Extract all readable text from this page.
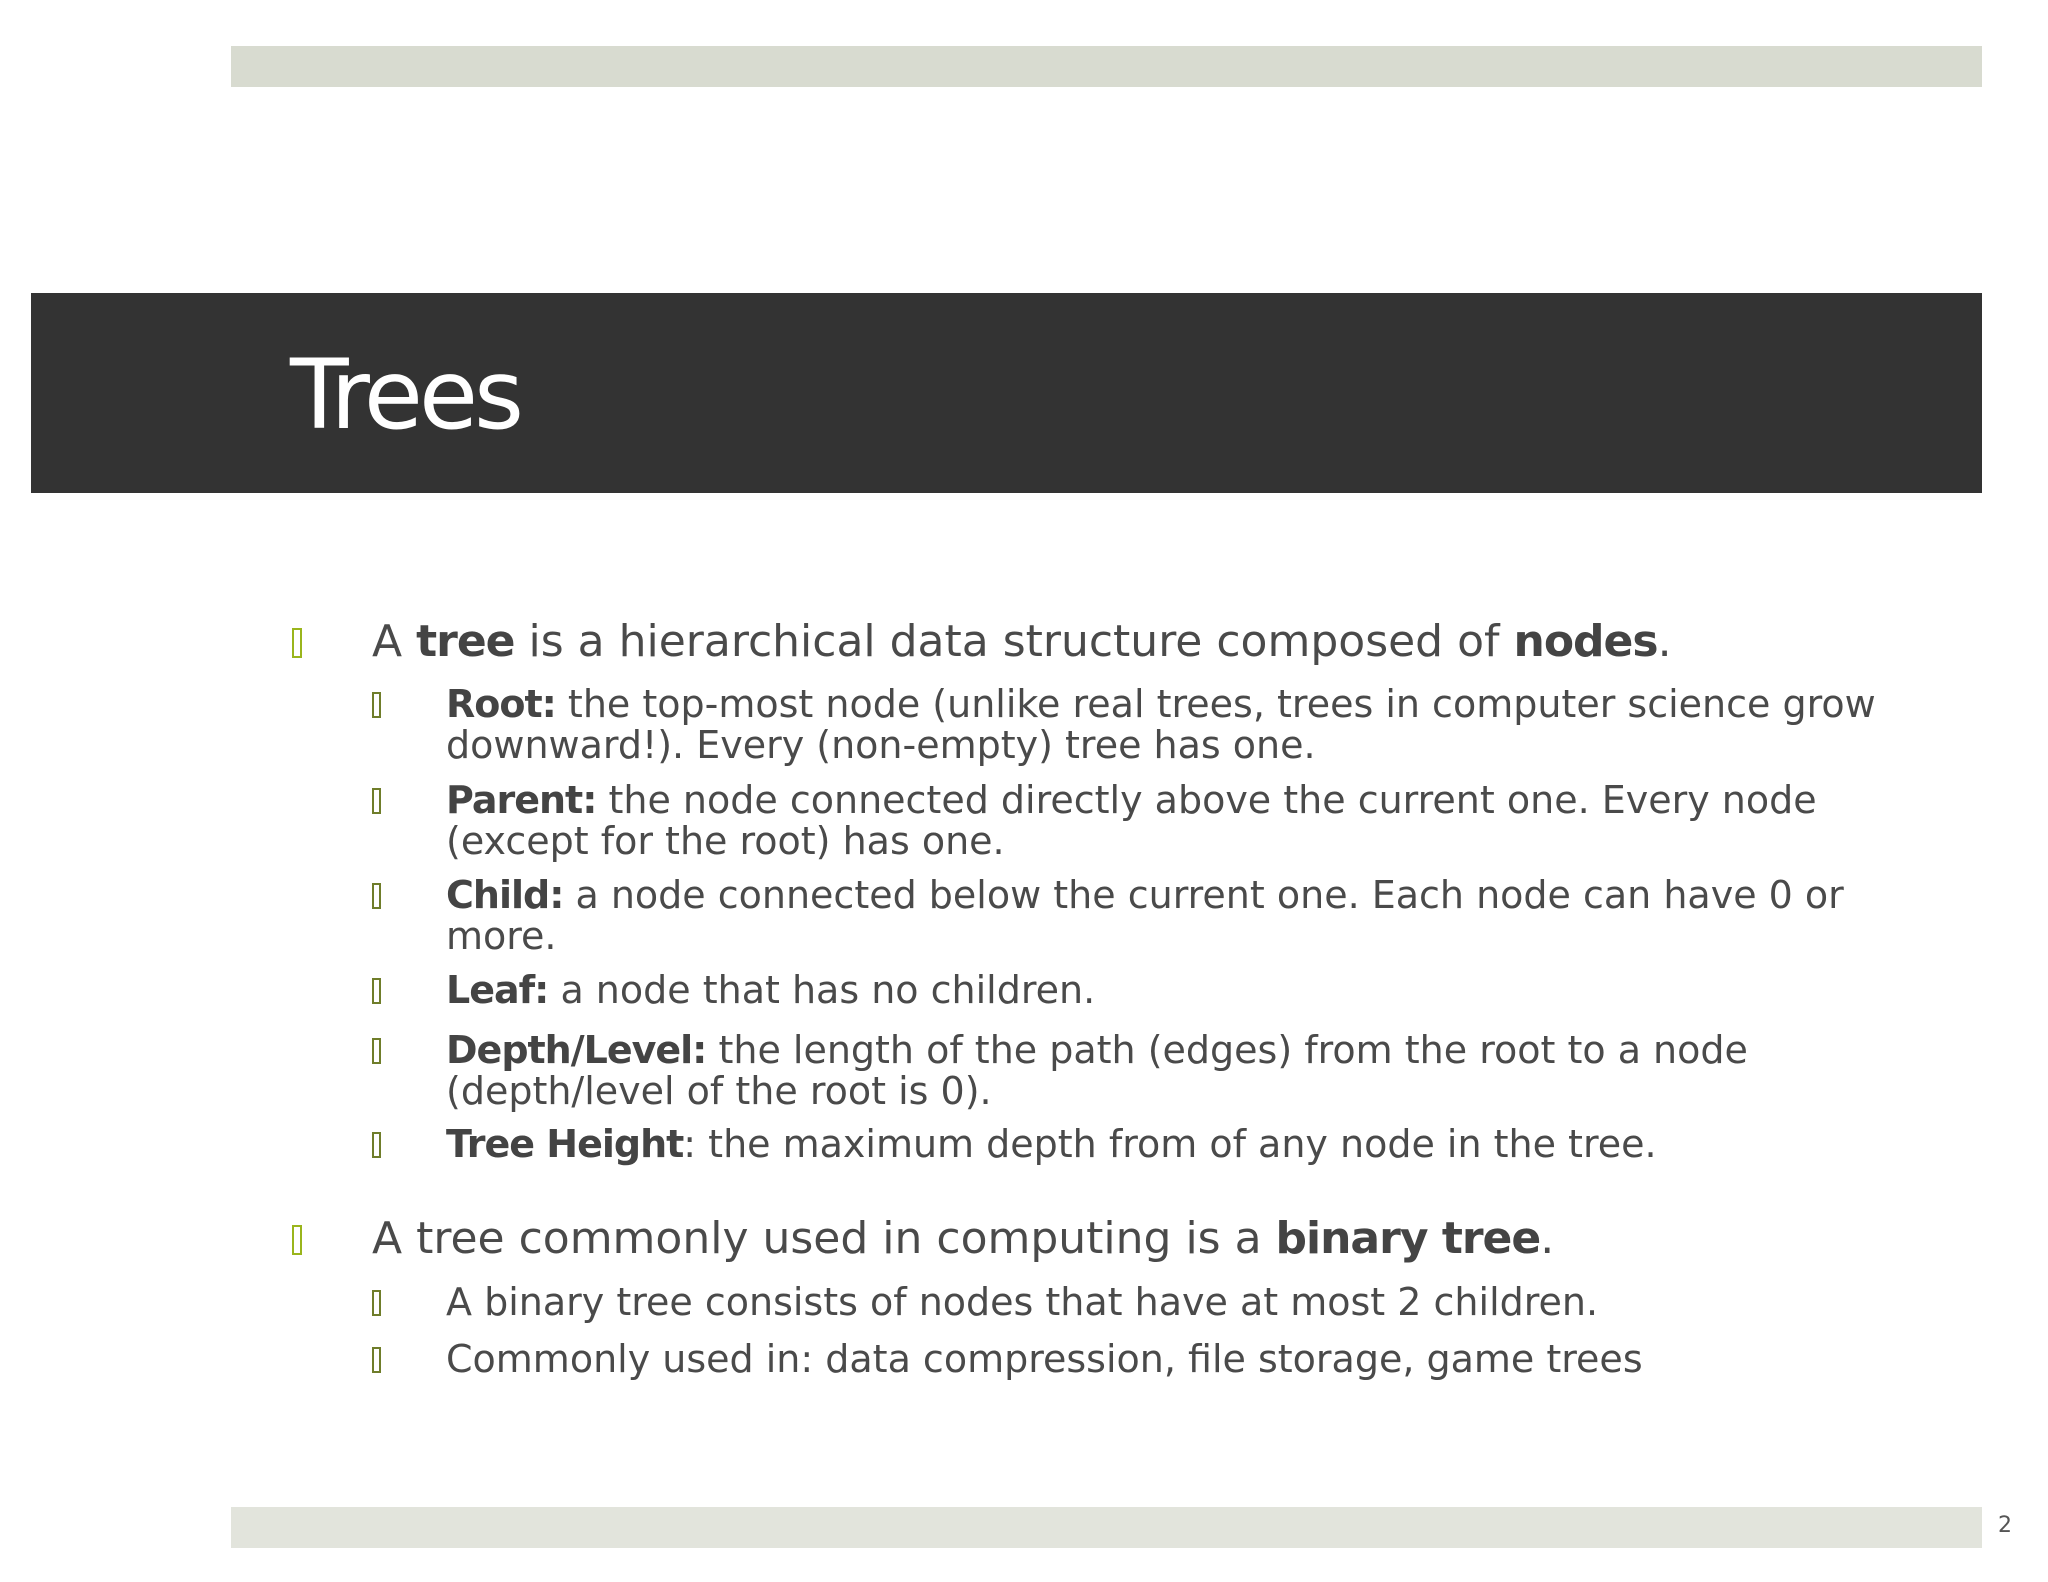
Trees
A tree is a hierarchical data structure composed of nodes.
Root: the top-most node (unlike real trees, trees in computer science grow downward!). Every (non-empty) tree has one.
Parent: the node connected directly above the current one. Every node (except for the root) has one.
Child: a node connected below the current one. Each node can have 0 or more.
Leaf: a node that has no children.
Depth/Level: the length of the path (edges) from the root to a node (depth/level of the root is 0).
Tree Height: the maximum depth from of any node in the tree.
A tree commonly used in computing is a binary tree.
A binary tree consists of nodes that have at most 2 children.
Commonly used in: data compression, file storage, game trees
2
